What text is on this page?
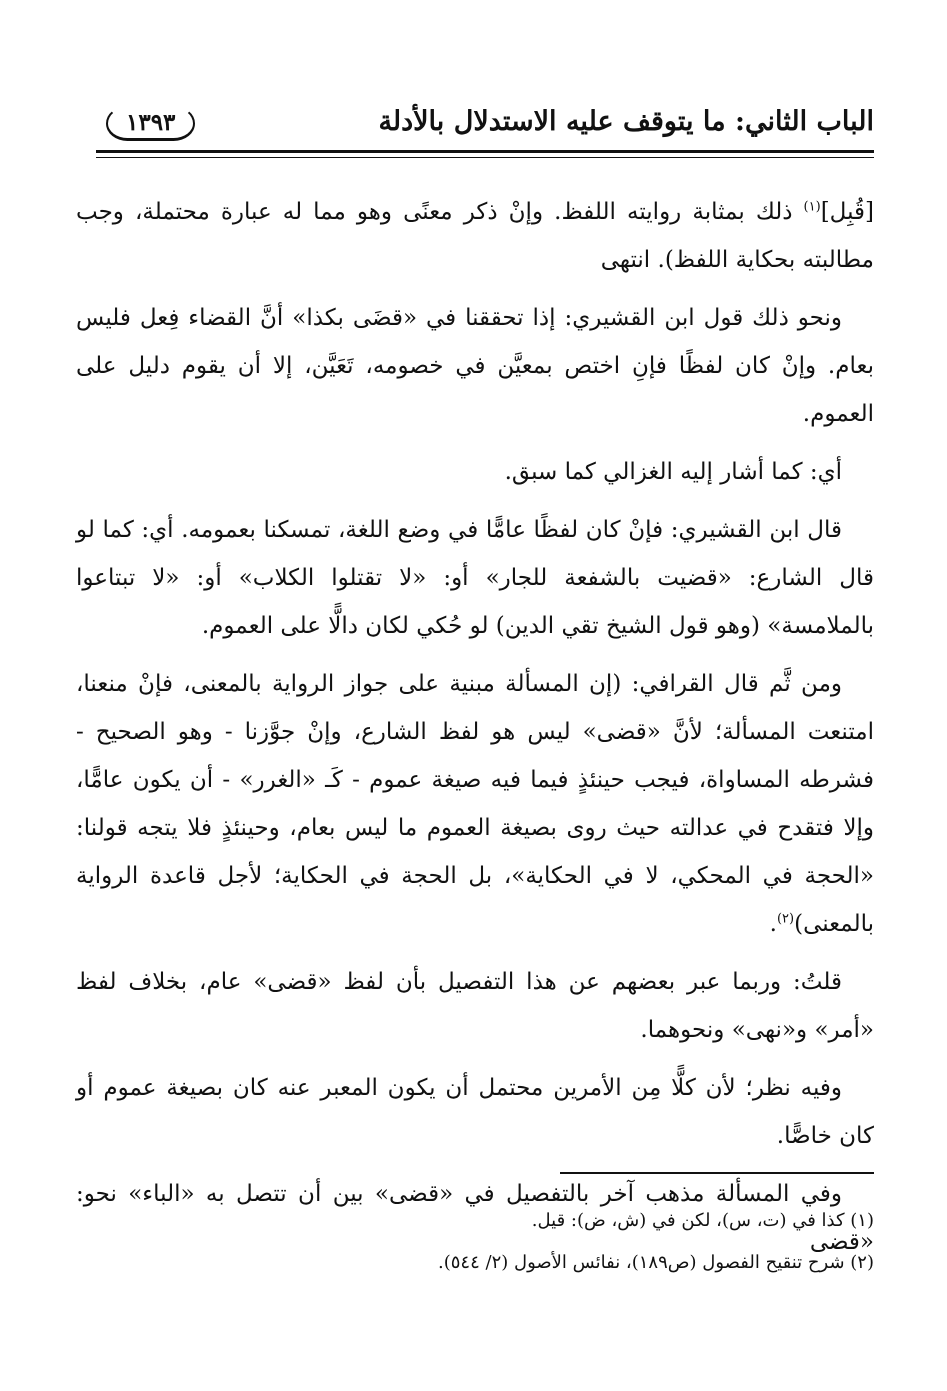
الباب الثاني: ما يتوقف عليه الاستدلال بالأدلة
١٣٩٣

[قُبِل]$^{(١)}$ ذلك بمثابة روايته اللفظ. وإنْ ذكر معنًى وهو مما له عبارة محتملة، وجب مطالبته بحكاية اللفظ). انتهى

ونحو ذلك قول ابن القشيري: إذا تحققنا في «قضَى بكذا» أنَّ القضاء فِعل فليس بعام. وإنْ كان لفظًا فإنِ اختص بمعيَّن في خصومه، تَعَيَّن، إلا أن يقوم دليل على العموم.

أي: كما أشار إليه الغزالي كما سبق.

قال ابن القشيري: فإنْ كان لفظًا عامًّا في وضع اللغة، تمسكنا بعمومه. أي: كما لو قال الشارع: «قضيت بالشفعة للجار» أو: «لا تقتلوا الكلاب» أو: «لا تبتاعوا بالملامسة» (وهو قول الشيخ تقي الدين) لو حُكي لكان دالًّا على العموم.

ومن ثَّم قال القرافي: (إن المسألة مبنية على جواز الرواية بالمعنى، فإنْ منعنا، امتنعت المسألة؛ لأنَّ «قضى» ليس هو لفظ الشارع، وإنْ جوَّزنا - وهو الصحيح - فشرطه المساواة، فيجب حينئذٍ فيما فيه صيغة عموم - كَـ «الغرر» - أن يكون عامًّا، وإلا فتقدح في عدالته حيث روى بصيغة العموم ما ليس بعام، وحينئذٍ فلا يتجه قولنا: «الحجة في المحكي، لا في الحكاية»، بل الحجة في الحكاية؛ لأجل قاعدة الرواية بالمعنى)$^{(٢)}$.

قلتُ: وربما عبر بعضهم عن هذا التفصيل بأن لفظ «قضى» عام، بخلاف لفظ «أمر» و«نهى» ونحوهما.

وفيه نظر؛ لأن كلًّا مِن الأمرين محتمل أن يكون المعبر عنه كان بصيغة عموم أو كان خاصًّا.

وفي المسألة مذهب آخر بالتفصيل في «قضى» بين أن تتصل به «الباء» نحو: «قضى

(١) كذا في (ت، س)، لكن في (ش، ض): قيل.

(٢) شرح تنقيح الفصول (ص١٨٩)، نفائس الأصول (٢/ ٥٤٤).
